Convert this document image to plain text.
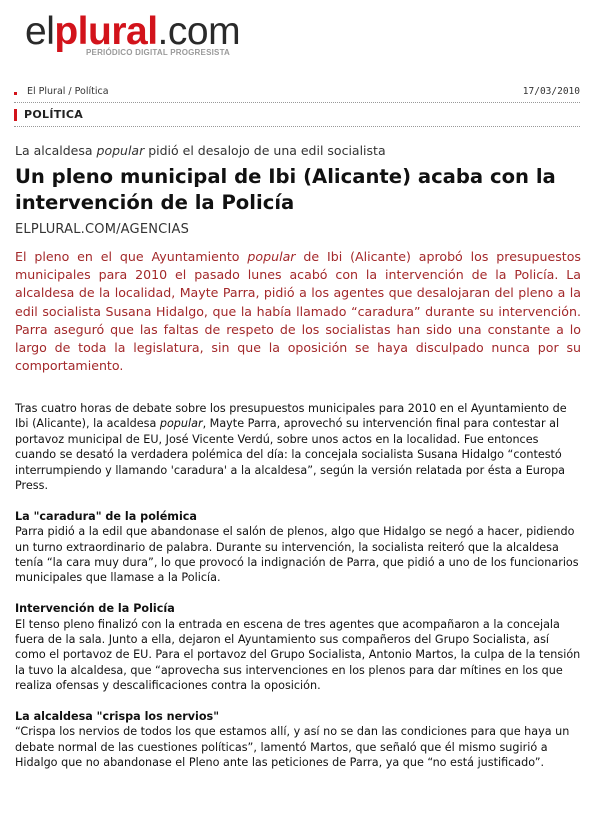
elplural.com
PERIÓDICO DIGITAL PROGRESISTA
El Plural / Política	17/03/2010
POLÍTICA
La alcaldesa popular pidió el desalojo de una edil socialista
Un pleno municipal de Ibi (Alicante) acaba con la intervención de la Policía
ELPLURAL.COM/AGENCIAS

El pleno en el que Ayuntamiento popular de Ibi (Alicante) aprobó los presupuestos municipales para 2010 el pasado lunes acabó con la intervención de la Policía. La alcaldesa de la localidad, Mayte Parra, pidió a los agentes que desalojaran del pleno a la edil socialista Susana Hidalgo, que la había llamado “caradura” durante su intervención. Parra aseguró que las faltas de respeto de los socialistas han sido una constante a lo largo de toda la legislatura, sin que la oposición se haya disculpado nunca por su comportamiento.

Tras cuatro horas de debate sobre los presupuestos municipales para 2010 en el Ayuntamiento de Ibi (Alicante), la acaldesa popular, Mayte Parra, aprovechó su intervención final para contestar al portavoz municipal de EU, José Vicente Verdú, sobre unos actos en la localidad. Fue entonces cuando se desató la verdadera polémica del día: la concejala socialista Susana Hidalgo “contestó interrumpiendo y llamando 'caradura' a la alcaldesa”, según la versión relatada por ésta a Europa Press.

La "caradura" de la polémica

Parra pidió a la edil que abandonase el salón de plenos, algo que Hidalgo se negó a hacer, pidiendo un turno extraordinario de palabra. Durante su intervención, la socialista reiteró que la alcaldesa tenía “la cara muy dura”, lo que provocó la indignación de Parra, que pidió a uno de los funcionarios municipales que llamase a la Policía.

Intervención de la Policía

El tenso pleno finalizó con la entrada en escena de tres agentes que acompañaron a la concejala fuera de la sala. Junto a ella, dejaron el Ayuntamiento sus compañeros del Grupo Socialista, así como el portavoz de EU. Para el portavoz del Grupo Socialista, Antonio Martos, la culpa de la tensión la tuvo la alcaldesa, que “aprovecha sus intervenciones en los plenos para dar mítines en los que realiza ofensas y descalificaciones contra la oposición.

La alcaldesa "crispa los nervios"

“Crispa los nervios de todos los que estamos allí, y así no se dan las condiciones para que haya un debate normal de las cuestiones políticas”, lamentó Martos, que señaló que él mismo sugirió a Hidalgo que no abandonase el Pleno ante las peticiones de Parra, ya que “no está justificado”.
